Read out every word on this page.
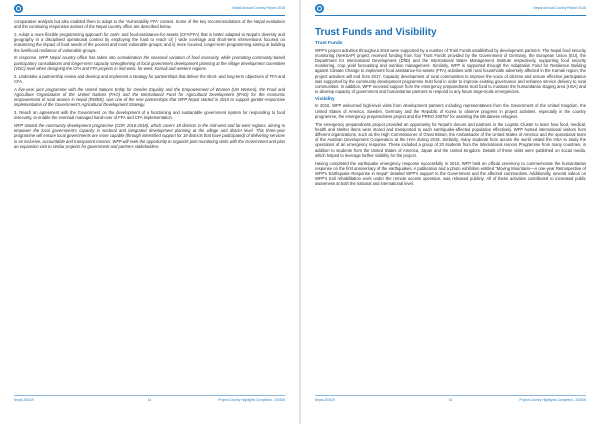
Nepal Annual Country Report 2016

comparative analysis but also enabled them to adapt to the ‘Vulnerability FFA’ context. Some of the key recommendations of the Nepal evaluation and the continuing responsive actions of the Nepal country office are described below.

1. Adopt a more flexible programming approach for cash- and food-assistance-for-assets (CFA/FFA) that is better adapted to Nepal’s diversity and geography in a disciplined operational context by employing the hard to reach cl( ) wide coverage and short-term interventions focused on maximizing the impact of food needs of the poorest and most vulnerable groups; and ii) more focused, longer-term programming aiming at building the livelihood resilience of vulnerable groups.

In response, WFP Nepal country office has taken into consideration the seasonal variation of food insecurity, while promoting community-based participatory consultations and longer-term capacity strengthening of local government development planning at the village development committee (VDC) level when designing the CFA and FFA projects in mid-west, far-west, Karnali and western regions.

2. Undertake a partnership review and develop and implement a strategy for partnerships that deliver the short- and long-term objectives of FFA and CFA.

A five-year joint programme with the United Nations Entity for Gender Equality and the Empowerment of Women (UN Women), the Food and Agriculture Organization of the United Nations (FAO) and the International Fund for Agricultural Development (IFAD) for the economic empowerment of rural women in Nepal (RWEE), was one of the new partnerships that WFP Nepal started in 2015 to support gender-responsive implementation of the Government’s Agricultural Development Strategy.

3. Reach an agreement with the Government on the development of a functioning and sustainable government system for responding to food insecurity, to enable the eventual managed hand-over of FFA and CFA implementation.

WFP started the community development programme (CDP, 2016-2018), which covers 18 districts in the mid-west and far-west regions, aiming to empower the local government’s capacity in sectoral and integrated development planning at the village and district level. This three-year programme will ensure local governments are more capable (through intensified support for 18 districts that have participated) of delivering services in an inclusive, accountable and transparent manner. WFP will seek the opportunity to organize joint monitoring visits with the Government and plan an expansion visit to similar projects for government and partners stakeholders.

Nepal 200319	14	Project Country Highlights Completed - 200306
Nepal Annual Country Report 2016
Trust Funds and Visibility
Trust Funds

WFP’s project activities throughout 2016 were supported by a number of Trust Funds established by development partners. The Nepal food security monitoring (NeKSAP) project received funding from four Trust Funds provided by the Government of Germany, the European Union (EU), the Department for International Development (DfID) and the International Water Management Institute respectively, supporting food security monitoring, crop yield forecasting and nutrition management. Similarly, WFP is supported through the Adaptation Fund for Resilience Building against Climate Change to implement food assistance-for-assets (FFA) activities with rural households adversely affected in the Karnali region; the project activities will end from 2017. Capacity development of rural communities to improve the voice of citizens and ensure effective participation was supported by the community development programme trust fund in order to improve existing governance and enhance service delivery to rural communities. In addition, WFP received support from the emergency preparedness trust fund to maintain the humanitarian staging area (HSA) and to develop capacity of government and humanitarian partners to respond to any future large-scale emergencies.

Visibility

In 2016, WFP welcomed high-level visits from development partners including representatives from the Government of the United Kingdom, the United States of America, Sweden, Germany and the Republic of Korea to observe progress in project activities, especially in the country programme, the emergency preparedness project and the PRRO 200787 for assisting the Bhutanese refugees.

The emergency preparedness project provided an opportunity for Nepal’s donors and partners in the Logistic Cluster to learn how food, medical, health and shelter items were stored and transported to each earthquake-affected population effectively. WFP hosted international visitors from different organizations, such as the High Commissioner of Great Britain, the Ambassador of the United States of America and the operational team of the Austrian Development Cooperation at the HSA during 2016. Similarly, many students from across the world visited the HSA to study the operations of an emergency response. These included a group of 20 students from the International Honors Programme from many countries, in addition to students from the United States of America, Japan and the United Kingdom. Details of these visits were published on social media, which helped to leverage further visibility for the project.

Having completed the earthquake emergency response successfully in 2016, WFP held an official ceremony to commemorate the humanitarian response on the first anniversary of the earthquakes. A publication and a photo exhibition entitled “Moving Mountains—A one-year Retrospective of WFP’s Earthquake Response in Nepal” detailed WFP’s support to the Government and the affected communities. Additionally, several videos on WFP’s trail rehabilitation work under the remote access operation, was released publicly. All of these activities contributed to increased public awareness at both the national and international level.

Nepal 200319	15	Project Country Highlights Completed - 200306
